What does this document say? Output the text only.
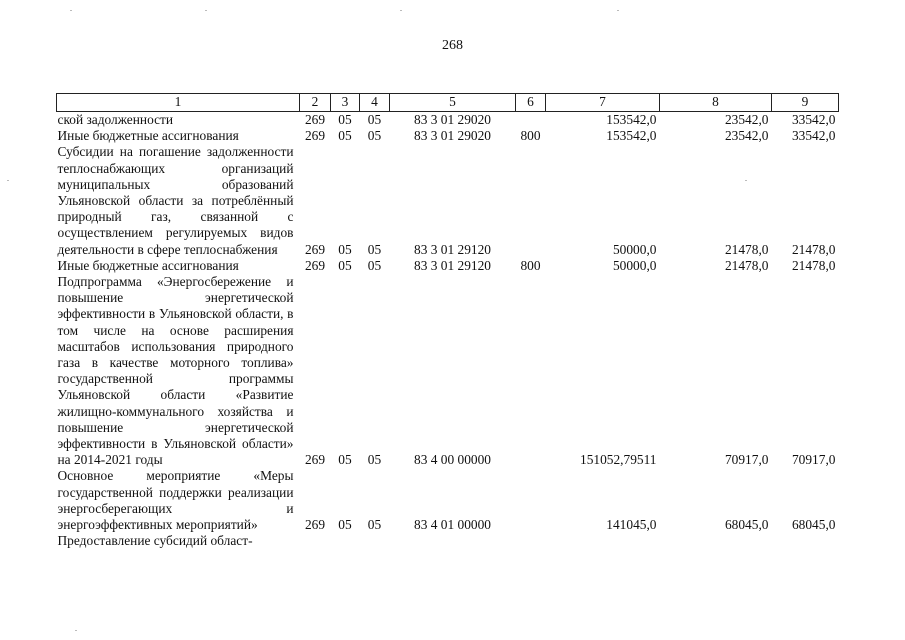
268
1	2	3	4	5	6	7	8	9
ской задолженности	269	05	05	83 3 01 29020		153542,0	23542,0	33542,0
Иные бюджетные ассигнования	269	05	05	83 3 01 29020	800	153542,0	23542,0	33542,0
Субсидии на погашение задолженности теплоснабжающих организаций муниципальных образований Ульяновской области за потреблённый природный газ, связанной с осуществлением регулируемых видов деятельности в сфере теплоснабжения	269	05	05	83 3 01 29120		50000,0	21478,0	21478,0
Иные бюджетные ассигнования	269	05	05	83 3 01 29120	800	50000,0	21478,0	21478,0
Подпрограмма «Энергосбережение и повышение энергетической эффективности в Ульяновской области, в том числе на основе расширения масштабов использования природного газа в качестве моторного топлива» государственной программы Ульяновской области «Развитие жилищно-коммунального хозяйства и повышение энергетической эффективности в Ульяновской области» на 2014-2021 годы	269	05	05	83 4 00 00000		151052,79511	70917,0	70917,0
Основное мероприятие «Меры государственной поддержки реализации энергосберегающих и энергоэффективных мероприятий»	269	05	05	83 4 01 00000		141045,0	68045,0	68045,0
Предоставление субсидий област-								
